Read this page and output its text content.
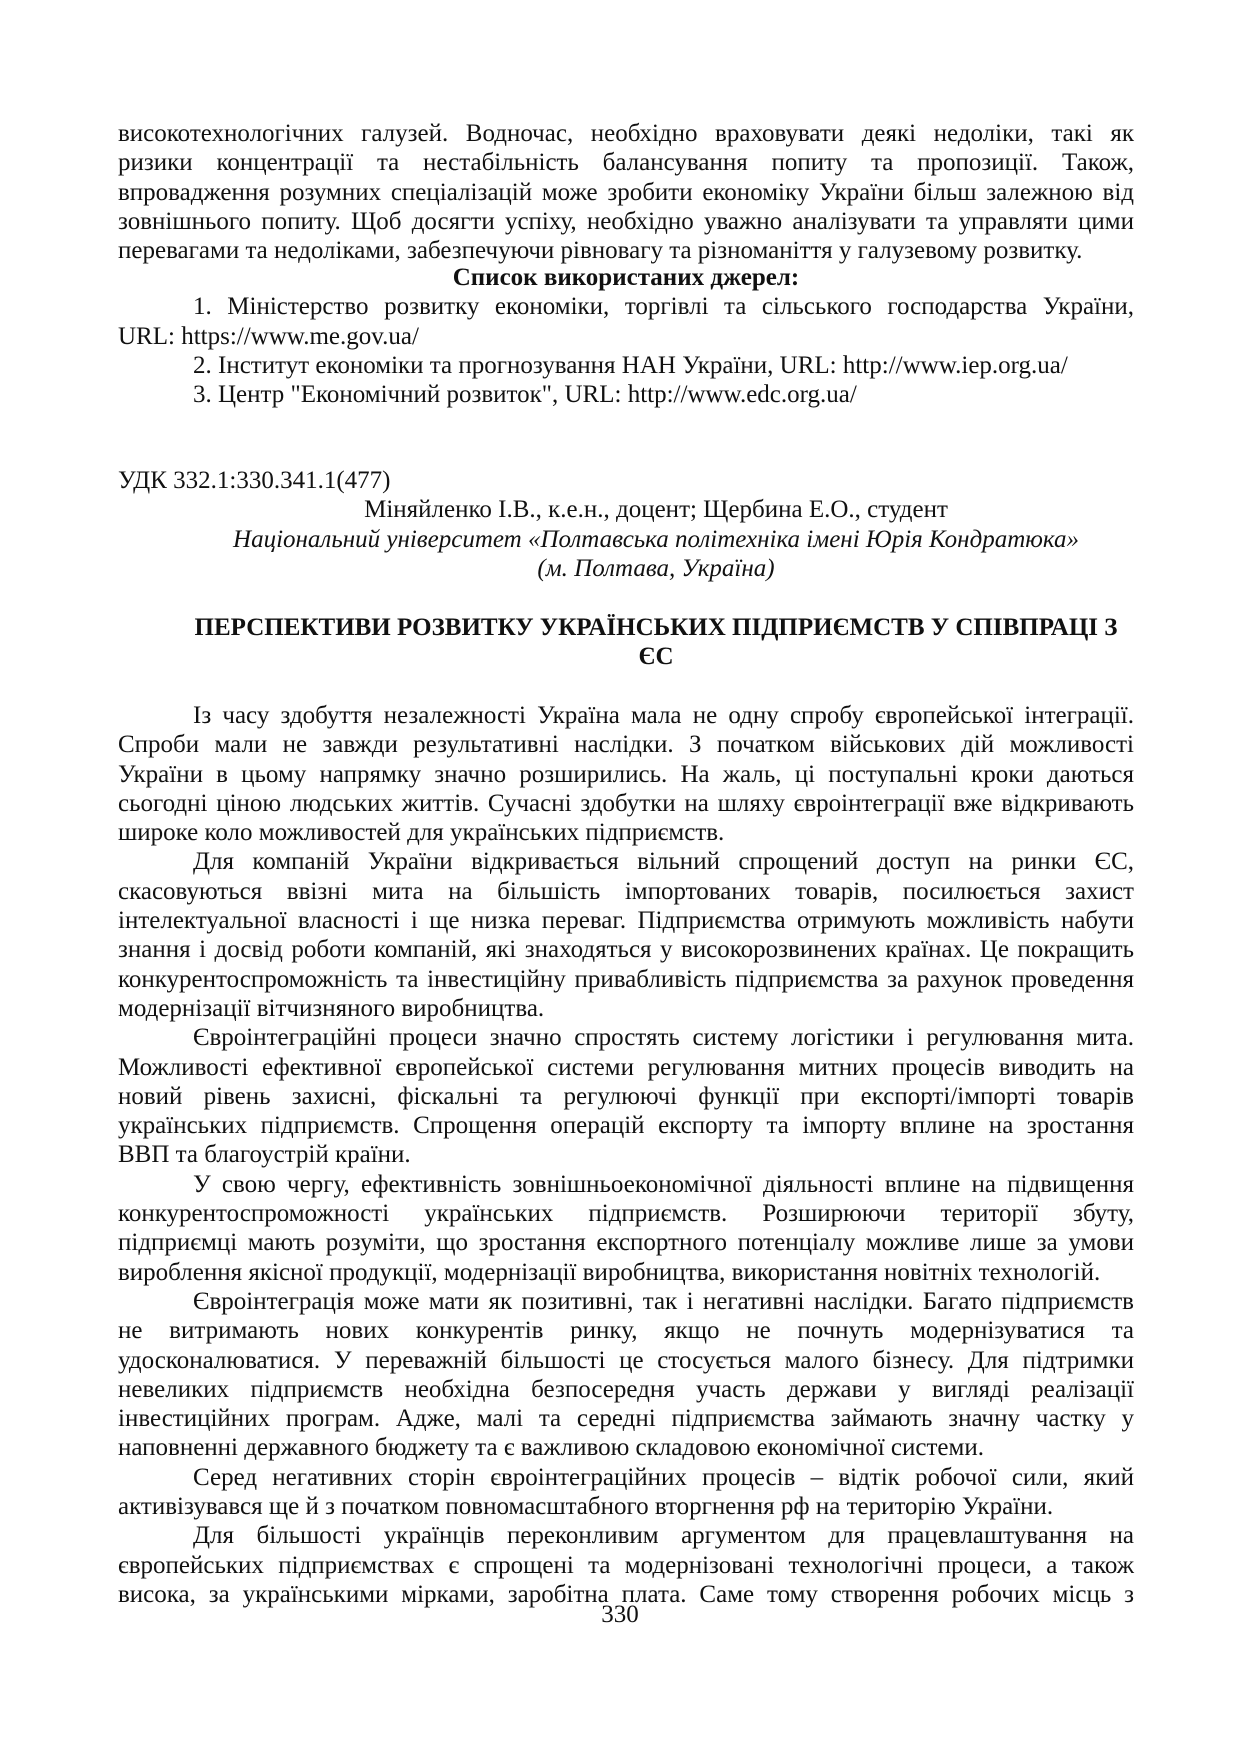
високотехнологічних галузей. Водночас, необхідно враховувати деякі недоліки, такі як
ризики концентрації та нестабільність балансування попиту та пропозиції. Також,
впровадження розумних спеціалізацій може зробити економіку України більш залежною від
зовнішнього попиту. Щоб досягти успіху, необхідно уважно аналізувати та управляти цими
перевагами та недоліками, забезпечуючи рівновагу та різноманіття у галузевому розвитку.
Список використаних джерел:
1. Міністерство розвитку економіки, торгівлі та сільського господарства України,
URL: https://www.me.gov.ua/
2. Інститут економіки та прогнозування НАН України, URL: http://www.iep.org.ua/
3. Центр "Економічний розвиток", URL: http://www.edc.org.ua/
УДК 332.1:330.341.1(477)
Міняйленко І.В., к.е.н., доцент; Щербина Е.О., студент
Національний університет «Полтавська політехніка імені Юрія Кондратюка»
(м. Полтава, Україна)
ПЕРСПЕКТИВИ РОЗВИТКУ УКРАЇНСЬКИХ ПІДПРИЄМСТВ У СПІВПРАЦІ З
ЄС
Із часу здобуття незалежності Україна мала не одну спробу європейської інтеграції.
Спроби мали не завжди результативні наслідки. З початком військових дій можливості
України в цьому напрямку значно розширились. На жаль, ці поступальні кроки даються
сьогодні ціною людських життів. Сучасні здобутки на шляху євроінтеграції вже відкривають
широке коло можливостей для українських підприємств.
Для компаній України відкривається вільний спрощений доступ на ринки ЄС,
скасовуються ввізні мита на більшість імпортованих товарів, посилюється захист
інтелектуальної власності і ще низка переваг. Підприємства отримують можливість набути
знання і досвід роботи компаній, які знаходяться у високорозвинених країнах. Це покращить
конкурентоспроможність та інвестиційну привабливість підприємства за рахунок проведення
модернізації вітчизняного виробництва.
Євроінтеграційні процеси значно спростять систему логістики і регулювання мита.
Можливості ефективної європейської системи регулювання митних процесів виводить на
новий рівень захисні, фіскальні та регулюючі функції при експорті/імпорті товарів
українських підприємств. Спрощення операцій експорту та імпорту вплине на зростання
ВВП та благоустрій країни.
У свою чергу, ефективність зовнішньоекономічної діяльності вплине на підвищення
конкурентоспроможності українських підприємств. Розширюючи території збуту,
підприємці мають розуміти, що зростання експортного потенціалу можливе лише за умови
вироблення якісної продукції, модернізації виробництва, використання новітніх технологій.
Євроінтеграція може мати як позитивні, так і негативні наслідки. Багато підприємств
не витримають нових конкурентів ринку, якщо не почнуть модернізуватися та
удосконалюватися. У переважній більшості це стосується малого бізнесу. Для підтримки
невеликих підприємств необхідна безпосередня участь держави у вигляді реалізації
інвестиційних програм. Адже, малі та середні підприємства займають значну частку у
наповненні державного бюджету та є важливою складовою економічної системи.
Серед негативних сторін євроінтеграційних процесів – відтік робочої сили, який
активізувався ще й з початком повномасштабного вторгнення рф на територію України.
Для більшості українців переконливим аргументом для працевлаштування на
європейських підприємствах є спрощені та модернізовані технологічні процеси, а також
висока, за українськими мірками, заробітна плата. Саме тому створення робочих місць з
330
